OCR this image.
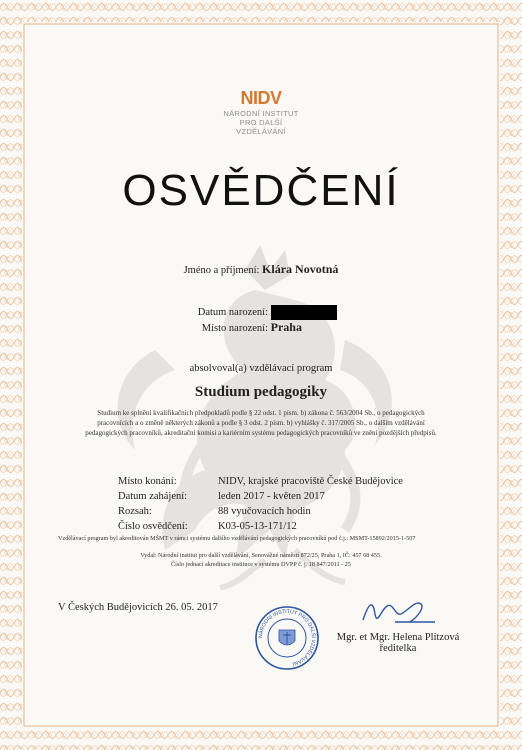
NIDV
NÁRODNÍ INSTITUT
PRO DALŠÍ
VZDĚLÁVÁNÍ
OSVĚDČENÍ
Jméno a příjmení: Klára Novotná
Datum narození:
Místo narození: Praha
absolvoval(a) vzdělávací program
Studium pedagogiky
Studium ke splnění kvalifikačních předpokladů podle § 22 odst. 1 písm. b) zákona č. 563/2004 Sb., o pedagogických
pracovnících a o změně některých zákonů a podle § 3 odst. 2 písm. b) vyhlášky č. 317/2005 Sb., o dalším vzdělávání
pedagogických pracovníků, akreditační komisi a kariérním systému pedagogických pracovníků ve znění pozdějších předpisů.
Místo konání:	NIDV, krajské pracoviště České Budějovice
Datum zahájení:	leden 2017 - květen 2017
Rozsah:	88 vyučovacích hodin
Číslo osvědčení:	K03-05-13-171/12
Vzdělávací program byl akreditován MŠMT v rámci systému dalšího vzdělávání pedagogických pracovníků pod č.j.: MSMT-15892/2015-1-507
Vydal: Národní institut pro další vzdělávání, Senovážné náměstí 872/25, Praha 1, IČ: 457 68 455.
Číslo jednací akreditace instituce v systému DVPP č. j. 18 847/2011 - 25
V Českých Budějovicích 26. 05. 2017
NÁRODNÍ INSTITUT PRO DALŠÍ VZDĚLÁVÁNÍ
Mgr. et Mgr. Helena Plitzová
ředitelka
